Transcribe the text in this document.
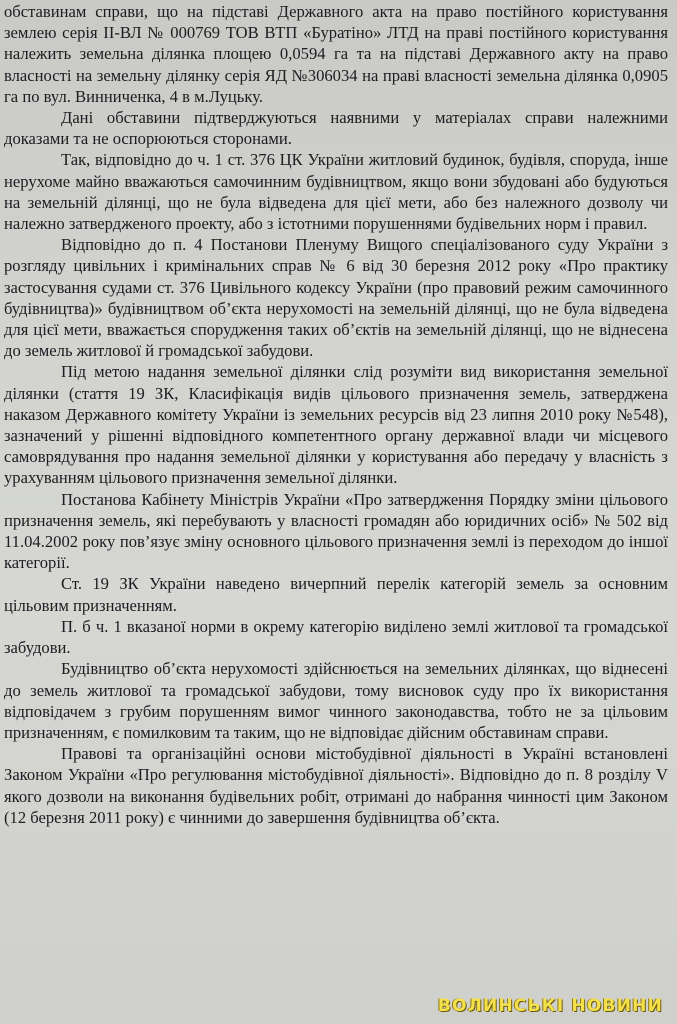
обставинам справи, що на підставі Державного акта на право постійного користування землею серія ІІ-ВЛ № 000769 ТОВ ВТП «Буратіно» ЛТД на праві постійного користування належить земельна ділянка площею 0,0594 га та на підставі Державного акту на право власності на земельну ділянку серія ЯД №306034 на праві власності земельна ділянка 0,0905 га по вул. Винниченка, 4 в м.Луцьку.

Дані обставини підтверджуються наявними у матеріалах справи належними доказами та не оспорюються сторонами.

Так, відповідно до ч. 1 ст. 376 ЦК України житловий будинок, будівля, споруда, інше нерухоме майно вважаються самочинним будівництвом, якщо вони збудовані або будуються на земельній ділянці, що не була відведена для цієї мети, або без належного дозволу чи належно затвердженого проекту, або з істотними порушеннями будівельних норм і правил.

Відповідно до п. 4 Постанови Пленуму Вищого спеціалізованого суду України з розгляду цивільних і кримінальних справ № 6 від 30 березня 2012 року «Про практику застосування судами ст. 376 Цивільного кодексу України (про правовий режим самочинного будівництва)» будівництвом об’єкта нерухомості на земельній ділянці, що не була відведена для цієї мети, вважається спорудження таких об’єктів на земельній ділянці, що не віднесена до земель житлової й громадської забудови.

Під метою надання земельної ділянки слід розуміти вид використання земельної ділянки (стаття 19 ЗК, Класифікація видів цільового призначення земель, затверджена наказом Державного комітету України із земельних ресурсів від 23 липня 2010 року №548), зазначений у рішенні відповідного компетентного органу державної влади чи місцевого самоврядування про надання земельної ділянки у користування або передачу у власність з урахуванням цільового призначення земельної ділянки.

Постанова Кабінету Міністрів України «Про затвердження Порядку зміни цільового призначення земель, які перебувають у власності громадян або юридичних осіб» № 502 від 11.04.2002 року пов’язує зміну основного цільового призначення землі із переходом до іншої категорії.

Ст. 19 ЗК України наведено вичерпний перелік категорій земель за основним цільовим призначенням.

П. б ч. 1 вказаної норми в окрему категорію виділено землі житлової та громадської забудови.

Будівництво об’єкта нерухомості здійснюється на земельних ділянках, що віднесені до земель житлової та громадської забудови, тому висновок суду про їх використання відповідачем з грубим порушенням вимог чинного законодавства, тобто не за цільовим призначенням, є помилковим та таким, що не відповідає дійсним обставинам справи.

Правові та організаційні основи містобудівної діяльності в Україні встановлені Законом України «Про регулювання містобудівної діяльності». Відповідно до п. 8 розділу V якого дозволи на виконання будівельних робіт, отримані до набрання чинності цим Законом (12 березня 2011 року) є чинними до завершення будівництва об’єкта.

ВОЛИНСЬКІ НОВИНИ
